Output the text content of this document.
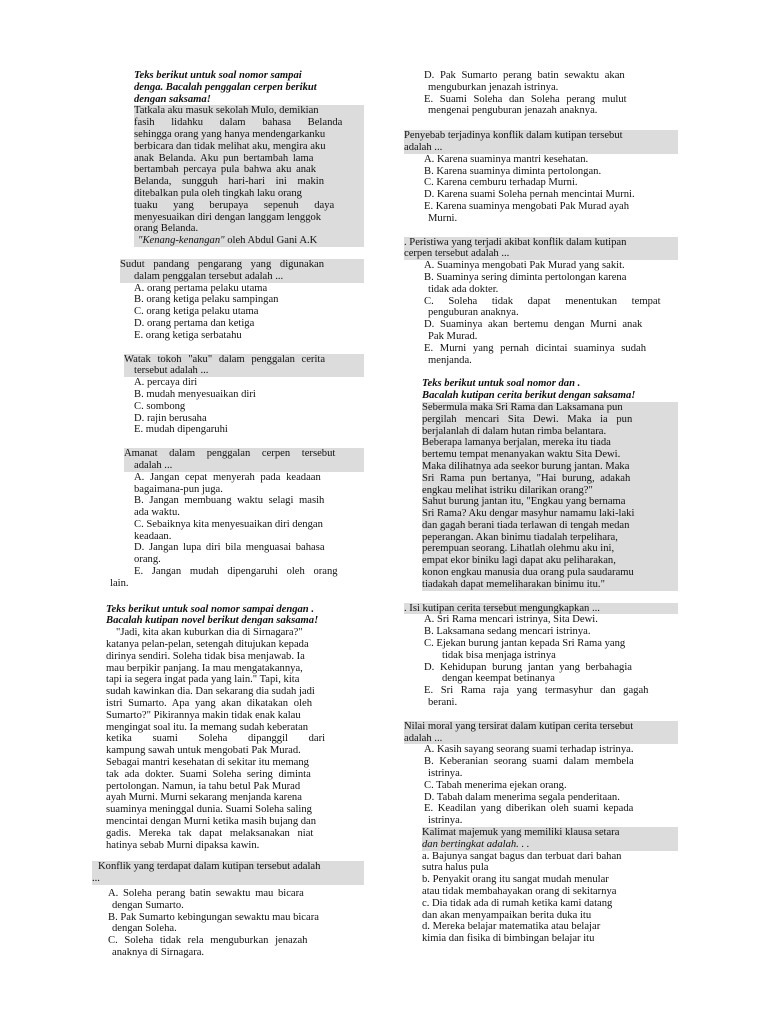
Teks berikut untuk soal nomor sampai

denga. Bacalah penggalan cerpen berikut

dengan saksama!

Tatkala aku masuk sekolah Mulo, demikian

fasih lidahku dalam bahasa Belanda

sehingga orang yang hanya mendengarkanku

berbicara dan tidak melihat aku, mengira aku

anak Belanda. Aku pun bertambah lama

bertambah percaya pula bahwa aku anak

Belanda, sungguh hari-hari ini makin

ditebalkan pula oleh tingkah laku orang

tuaku yang berupaya sepenuh daya

menyesuaikan diri dengan langgam lenggok

orang Belanda.

"Kenang-kenangan" oleh Abdul Gani A.K

Sudut pandang pengarang yang digunakan

dalam penggalan tersebut adalah ...

A. orang pertama pelaku utama
B. orang ketiga pelaku sampingan
C. orang ketiga pelaku utama
D. orang pertama dan ketiga
E. orang ketiga serbatahu

Watak tokoh "aku" dalam penggalan cerita

tersebut adalah ...

A. percaya diri
B. mudah menyesuaikan diri
C. sombong
D. rajin berusaha
E. mudah dipengaruhi

Amanat dalam penggalan cerpen tersebut

adalah ...

A. Jangan cepat menyerah pada keadaan
bagaimana-pun juga.
B. Jangan membuang waktu selagi masih
ada waktu.
C. Sebaiknya kita menyesuaikan diri dengan
keadaan.
D. Jangan lupa diri bila menguasai bahasa
orang.
E. Jangan mudah dipengaruhi oleh orang

lain.

Teks berikut untuk soal nomor sampai dengan .

Bacalah kutipan novel berikut dengan saksama!

"Jadi, kita akan kuburkan dia di Sirnagara?"

katanya pelan-pelan, setengah ditujukan kepada

dirinya sendiri. Soleha tidak bisa menjawab. Ia

mau berpikir panjang. Ia mau mengatakannya,

tapi ia segera ingat pada yang lain." Tapi, kita

sudah kawinkan dia. Dan sekarang dia sudah jadi

istri Sumarto. Apa yang akan dikatakan oleh

Sumarto?" Pikirannya makin tidak enak kalau

mengingat soal itu. Ia memang sudah keberatan

ketika suami Soleha dipanggil dari

kampung sawah untuk mengobati Pak Murad.

Sebagai mantri kesehatan di sekitar itu memang

tak ada dokter. Suami Soleha sering diminta

pertolongan. Namun, ia tahu betul Pak Murad

ayah Murni. Murni sekarang menjanda karena

suaminya meninggal dunia. Suami Soleha saling

mencintai dengan Murni ketika masih bujang dan

gadis. Mereka tak dapat melaksanakan niat

hatinya sebab Murni dipaksa kawin.

Konflik yang terdapat dalam kutipan tersebut adalah

...

A. Soleha perang batin sewaktu mau bicara
dengan Sumarto.
B. Pak Sumarto kebingungan sewaktu mau bicara
dengan Soleha.
C. Soleha tidak rela menguburkan jenazah
anaknya di Sirnagara.
D. Pak Sumarto perang batin sewaktu akan
menguburkan jenazah istrinya.
E. Suami Soleha dan Soleha perang mulut
mengenai penguburan jenazah anaknya.

Penyebab terjadinya konflik dalam kutipan tersebut

adalah ...

A. Karena suaminya mantri kesehatan.
B. Karena suaminya diminta pertolongan.
C. Karena cemburu terhadap Murni.
D. Karena suami Soleha pernah mencintai Murni.
E. Karena suaminya mengobati Pak Murad ayah
Murni.

. Peristiwa yang terjadi akibat konflik dalam kutipan

cerpen tersebut adalah ...

A. Suaminya mengobati Pak Murad yang sakit.
B. Suaminya sering diminta pertolongan karena
tidak ada dokter.
C. Soleha tidak dapat menentukan tempat
penguburan anaknya.
D. Suaminya akan bertemu dengan Murni anak
Pak Murad.
E. Murni yang pernah dicintai suaminya sudah
menjanda.

Teks berikut untuk soal nomor dan .

Bacalah kutipan cerita berikut dengan saksama!

Sebermula maka Sri Rama dan Laksamana pun

pergilah mencari Sita Dewi. Maka ia pun

berjalanlah di dalam hutan rimba belantara.

Beberapa lamanya berjalan, mereka itu tiada

bertemu tempat menanyakan waktu Sita Dewi.

Maka dilihatnya ada seekor burung jantan. Maka

Sri Rama pun bertanya, "Hai burung, adakah

engkau melihat istriku dilarikan orang?"

Sahut burung jantan itu, "Engkau yang bernama

Sri Rama? Aku dengar masyhur namamu laki-laki

dan gagah berani tiada terlawan di tengah medan

peperangan. Akan binimu tiadalah terpelihara,

perempuan seorang. Lihatlah olehmu aku ini,

empat ekor biniku lagi dapat aku peliharakan,

konon engkau manusia dua orang pula saudaramu

tiadakah dapat memeliharakan binimu itu."

. Isi kutipan cerita tersebut mengungkapkan ...

A. Sri Rama mencari istrinya, Sita Dewi.
B. Laksamana sedang mencari istrinya.
C. Ejekan burung jantan kepada Sri Rama yang
tidak bisa menjaga istrinya
D. Kehidupan burung jantan yang berbahagia
dengan keempat betinanya
E. Sri Rama raja yang termasyhur dan gagah
berani.

Nilai moral yang tersirat dalam kutipan cerita tersebut

adalah ...

A. Kasih sayang seorang suami terhadap istrinya.
B. Keberanian seorang suami dalam membela
istrinya.
C. Tabah menerima ejekan orang.
D. Tabah dalam menerima segala penderitaan.
E. Keadilan yang diberikan oleh suami kepada
istrinya.

Kalimat majemuk yang memiliki klausa setara

dan bertingkat adalah. . .

a. Bajunya sangat bagus dan terbuat dari bahan
sutra halus pula
b. Penyakit orang itu sangat mudah menular
atau tidak membahayakan orang di sekitarnya
c. Dia tidak ada di rumah ketika kami datang
dan akan menyampaikan berita duka itu
d. Mereka belajar matematika atau belajar
kimia dan fisika di bimbingan belajar itu
